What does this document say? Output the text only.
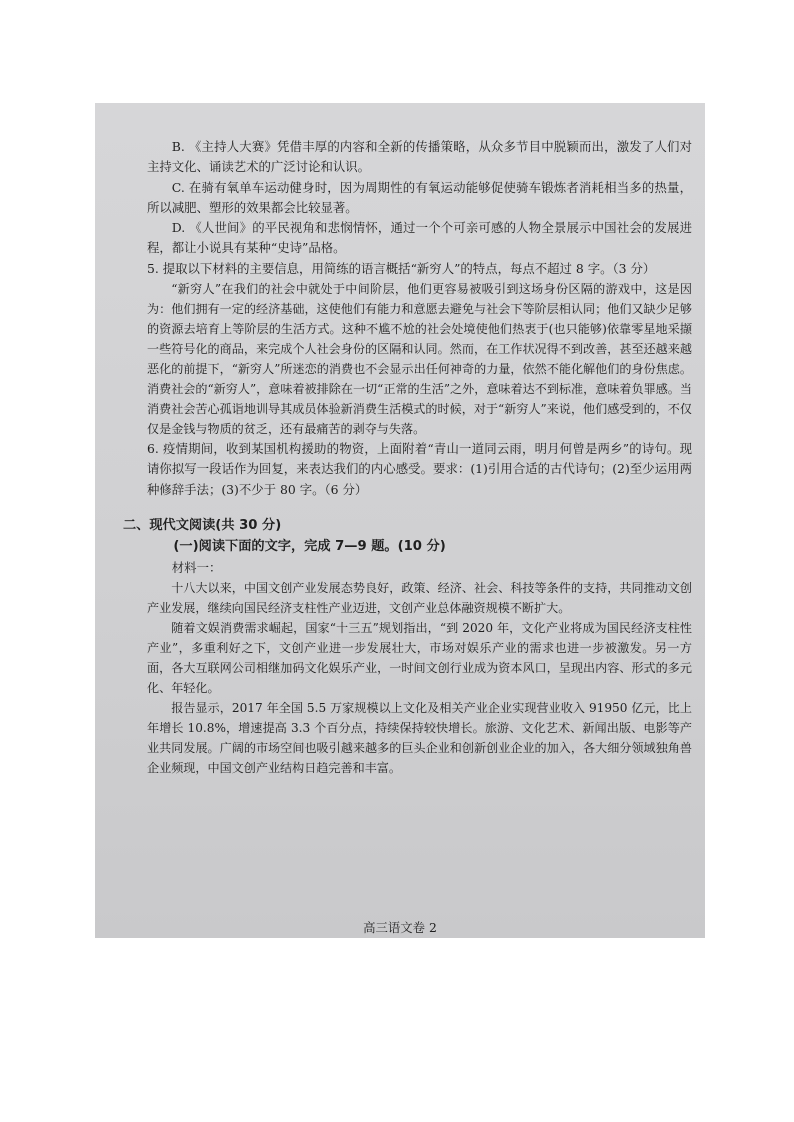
B. 《主持人大赛》凭借丰厚的内容和全新的传播策略，从众多节目中脱颖而出，激发了人们对主持文化、诵读艺术的广泛讨论和认识。

C. 在骑有氧单车运动健身时，因为周期性的有氧运动能够促使骑车锻炼者消耗相当多的热量，所以减肥、塑形的效果都会比较显著。

D. 《人世间》的平民视角和悲悯情怀，通过一个个可亲可感的人物全景展示中国社会的发展进程，都让小说具有某种“史诗”品格。

5. 提取以下材料的主要信息，用简练的语言概括“新穷人”的特点，每点不超过 8 字。（3 分）

“新穷人”在我们的社会中就处于中间阶层，他们更容易被吸引到这场身份区隔的游戏中，这是因为：他们拥有一定的经济基础，这使他们有能力和意愿去避免与社会下等阶层相认同；他们又缺少足够的资源去培育上等阶层的生活方式。这种不尴不尬的社会处境使他们热衷于(也只能够)依靠零星地采撷一些符号化的商品，来完成个人社会身份的区隔和认同。然而，在工作状况得不到改善，甚至还越来越恶化的前提下，“新穷人”所迷恋的消费也不会显示出任何神奇的力量，依然不能化解他们的身份焦虑。消费社会的“新穷人”，意味着被排除在一切“正常的生活”之外，意味着达不到标准，意味着负罪感。当消费社会苦心孤诣地训导其成员体验新消费生活模式的时候，对于“新穷人”来说，他们感受到的，不仅仅是金钱与物质的贫乏，还有最痛苦的剥夺与失落。

6. 疫情期间，收到某国机构援助的物资，上面附着“青山一道同云雨，明月何曾是两乡”的诗句。现请你拟写一段话作为回复，来表达我们的内心感受。要求：(1)引用合适的古代诗句；(2)至少运用两种修辞手法；(3)不少于 80 字。（6 分）

二、现代文阅读(共 30 分)

(一)阅读下面的文字，完成 7—9 题。(10 分)

材料一：

十八大以来，中国文创产业发展态势良好，政策、经济、社会、科技等条件的支持，共同推动文创产业发展，继续向国民经济支柱性产业迈进，文创产业总体融资规模不断扩大。

随着文娱消费需求崛起，国家“十三五”规划指出，“到 2020 年，文化产业将成为国民经济支柱性产业”，多重利好之下，文创产业进一步发展壮大，市场对娱乐产业的需求也进一步被激发。另一方面，各大互联网公司相继加码文化娱乐产业，一时间文创行业成为资本风口，呈现出内容、形式的多元化、年轻化。

报告显示，2017 年全国 5.5 万家规模以上文化及相关产业企业实现营业收入 91950 亿元，比上年增长 10.8%，增速提高 3.3 个百分点，持续保持较快增长。旅游、文化艺术、新闻出版、电影等产业共同发展。广阔的市场空间也吸引越来越多的巨头企业和创新创业企业的加入，各大细分领域独角兽企业频现，中国文创产业结构日趋完善和丰富。

高三语文卷 2
